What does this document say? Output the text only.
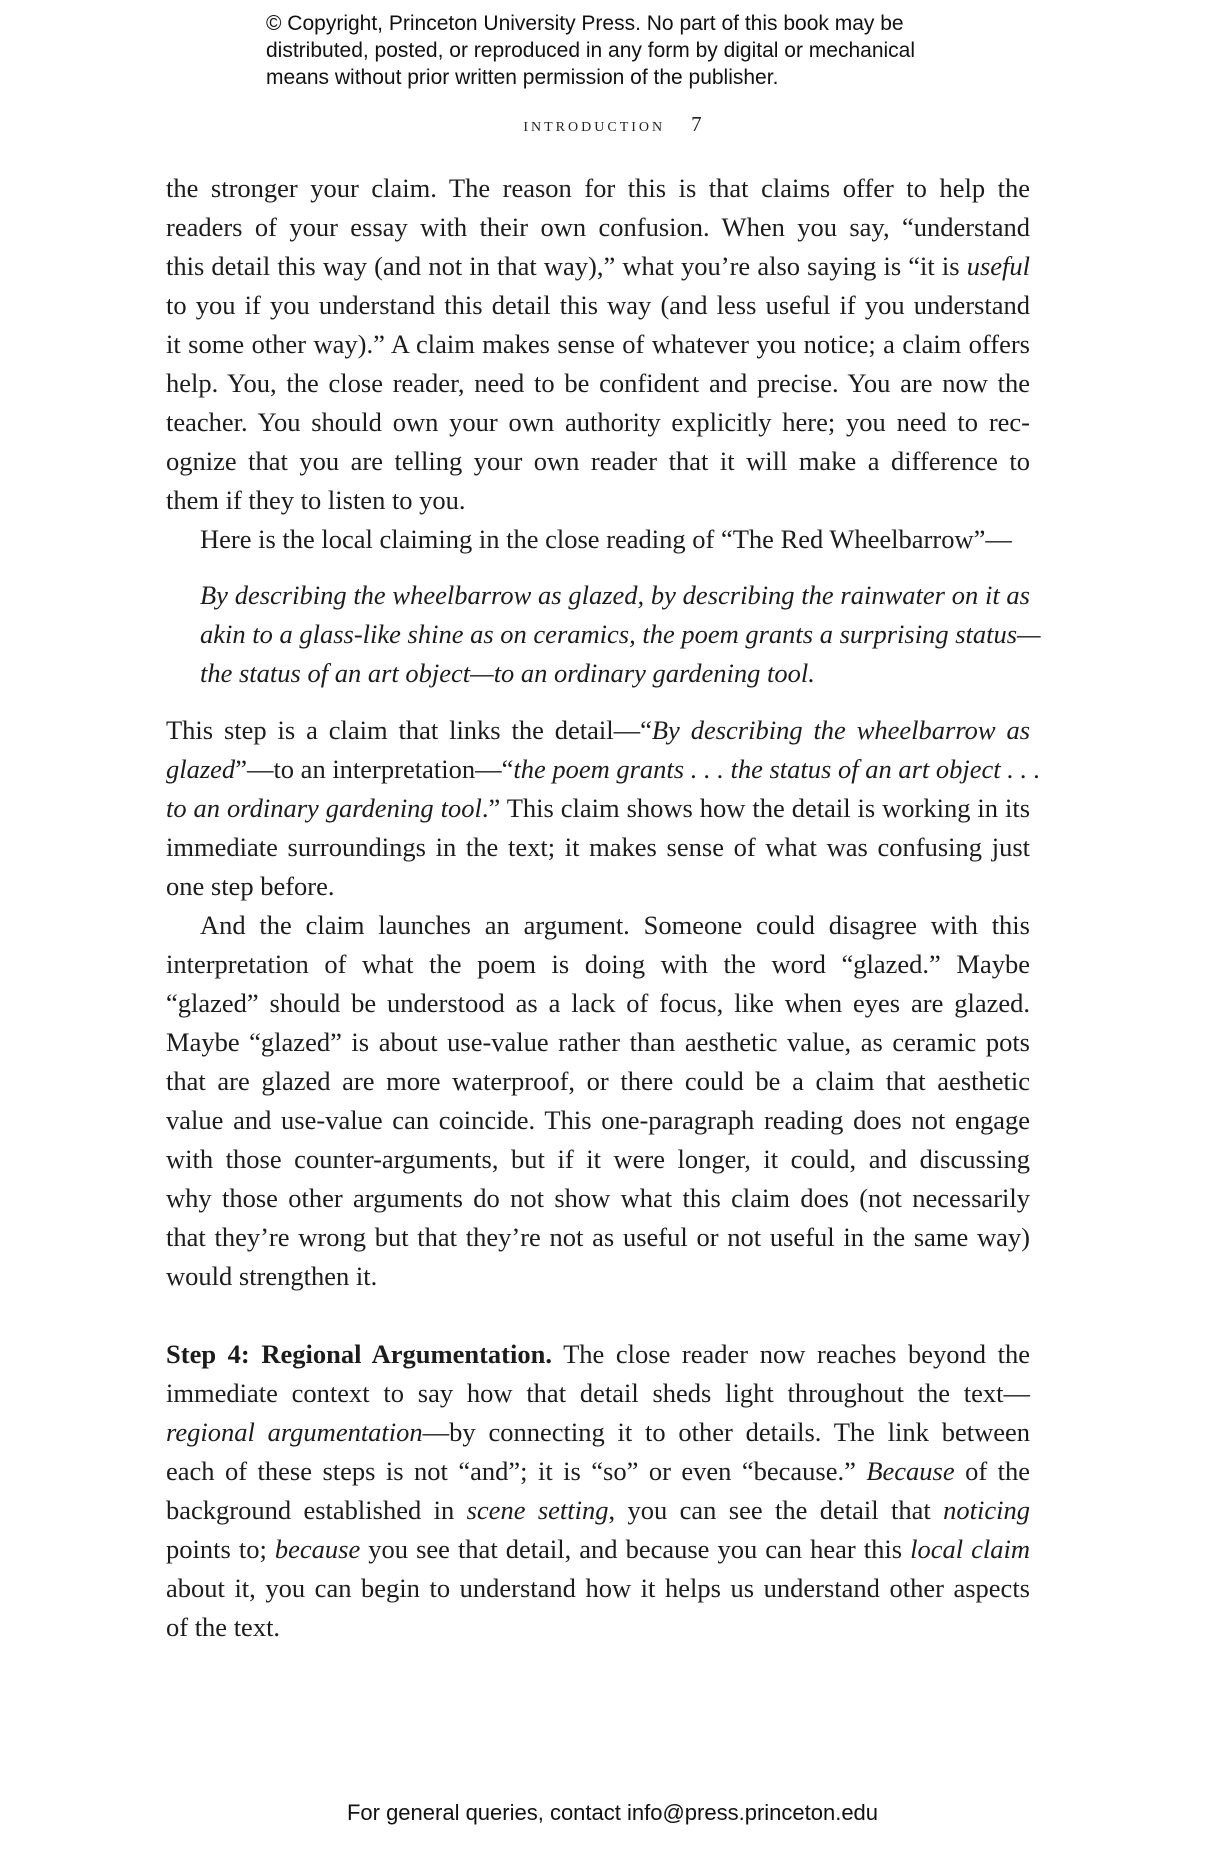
© Copyright, Princeton University Press. No part of this book may be
distributed, posted, or reproduced in any form by digital or mechanical
means without prior written permission of the publisher.
introduction 7

the stronger your claim. The reason for this is that claims offer to help the
readers of your essay with their own confusion. When you say, “understand
this detail this way (and not in that way),” what you’re also saying is “it is useful
to you if you understand this detail this way (and less useful if you understand
it some other way).” A claim makes sense of whatever you notice; a claim offers
help. You, the close reader, need to be confident and precise. You are now the
teacher. You should own your own authority explicitly here; you need to rec-
ognize that you are telling your own reader that it will make a difference to
them if they to listen to you.

Here is the local claiming in the close reading of “The Red Wheelbarrow”—

By describing the wheelbarrow as glazed, by describing the rainwater on it as
akin to a glass-like shine as on ceramics, the poem grants a surprising status—
the status of an art object—to an ordinary gardening tool.

This step is a claim that links the detail—“By describing the wheelbarrow as
glazed”—to an interpretation—“the poem grants . . . the status of an art object . . .
to an ordinary gardening tool.” This claim shows how the detail is working in its
immediate surroundings in the text; it makes sense of what was confusing just
one step before.

And the claim launches an argument. Someone could disagree with this
interpretation of what the poem is doing with the word “glazed.” Maybe
“glazed” should be understood as a lack of focus, like when eyes are glazed.
Maybe “glazed” is about use-value rather than aesthetic value, as ceramic pots
that are glazed are more waterproof, or there could be a claim that aesthetic
value and use-value can coincide. This one-paragraph reading does not engage
with those counter-arguments, but if it were longer, it could, and discussing
why those other arguments do not show what this claim does (not necessarily
that they’re wrong but that they’re not as useful or not useful in the same way)
would strengthen it.

Step 4: Regional Argumentation. The close reader now reaches beyond the
immediate context to say how that detail sheds light throughout the text—
regional argumentation—by connecting it to other details. The link between
each of these steps is not “and”; it is “so” or even “because.” Because of the
background established in scene setting, you can see the detail that noticing
points to; because you see that detail, and because you can hear this local claim
about it, you can begin to understand how it helps us understand other aspects
of the text.

For general queries, contact info@press.princeton.edu
